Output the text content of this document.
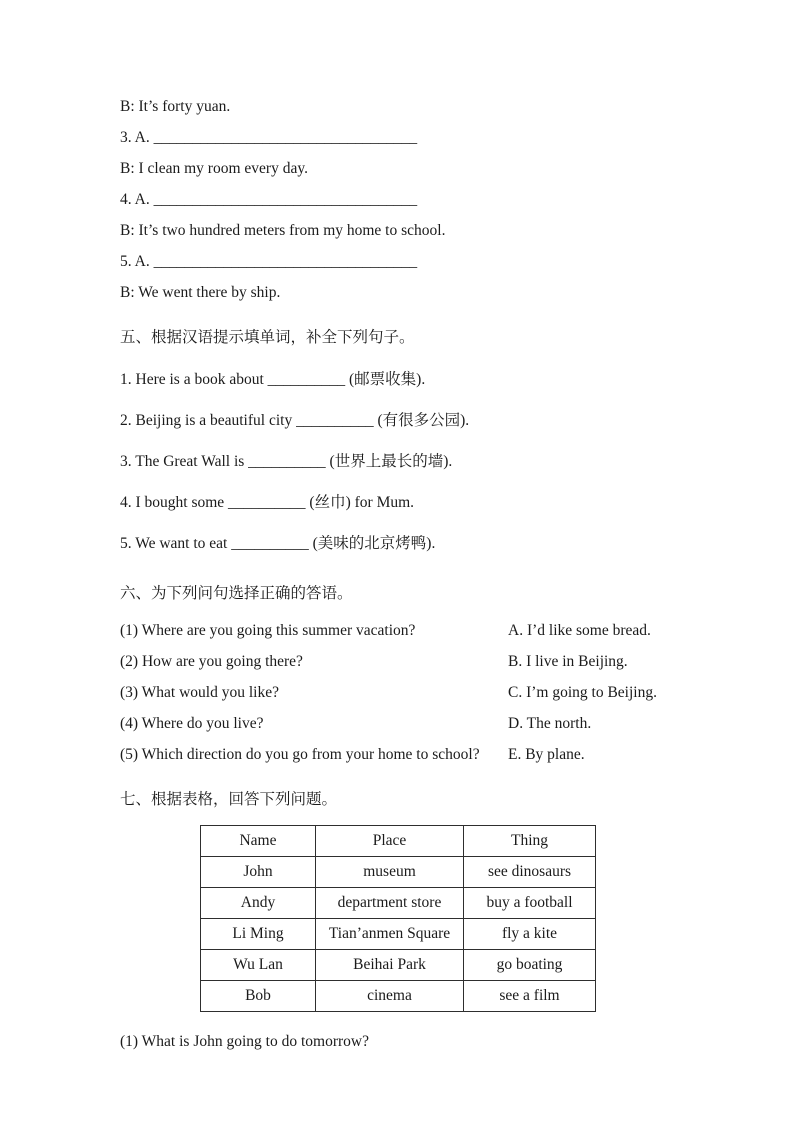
B: It’s forty yuan.
3. A. __________________________________
B: I clean my room every day.
4. A. __________________________________
B: It’s two hundred meters from my home to school.
5. A. __________________________________
B: We went there by ship.
五、根据汉语提示填单词，补全下列句子。
1. Here is a book about __________ (邮票收集).
2. Beijing is a beautiful city __________ (有很多公园).
3. The Great Wall is __________ (世界上最长的墙).
4. I bought some __________ (丝巾) for Mum.
5. We want to eat __________ (美味的北京烤鸭).
六、为下列问句选择正确的答语。
(1) Where are you going this summer vacation?	A. I’d like some bread.
(2) How are you going there?	B. I live in Beijing.
(3) What would you like?	C. I’m going to Beijing.
(4) Where do you live?	D. The north.
(5) Which direction do you go from your home to school?	E. By plane.
七、根据表格，回答下列问题。
Name	Place	Thing
John	museum	see dinosaurs
Andy	department store	buy a football
Li Ming	Tian’anmen Square	fly a kite
Wu Lan	Beihai Park	go boating
Bob	cinema	see a film
(1) What is John going to do tomorrow?
